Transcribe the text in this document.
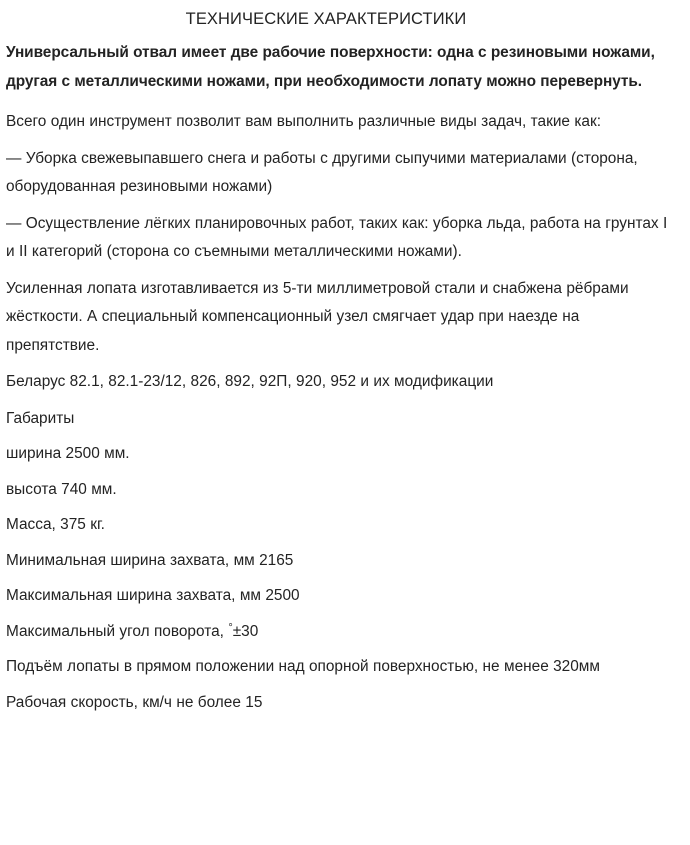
ТЕХНИЧЕСКИЕ ХАРАКТЕРИСТИКИ

Универсальный отвал имеет две рабочие поверхности: одна с резиновыми ножами, другая с металлическими ножами, при необходимости лопату можно перевернуть.

Всего один инструмент позволит вам выполнить различные виды задач, такие как:

— Уборка свежевыпавшего снега и работы с другими сыпучими материалами (сторона, оборудованная резиновыми ножами)

— Осуществление лёгких планировочных работ, таких как: уборка льда, работа на грунтах I и II категорий (сторона со съемными металлическими ножами).

Усиленная лопата изготавливается из 5-ти миллиметровой стали и снабжена рёбрами жёсткости. А специальный компенсационный узел смягчает удар при наезде на препятствие.

Беларус 82.1, 82.1-23/12, 826, 892, 92П, 920, 952 и их модификации

Габариты

ширина 2500 мм.

высота 740 мм.

Масса, 375 кг.

Минимальная ширина захвата, мм 2165

Максимальная ширина захвата, мм 2500

Максимальный угол поворота, °±30

Подъём лопаты в прямом положении над опорной поверхностью, не менее 320мм

Рабочая скорость, км/ч не более 15
